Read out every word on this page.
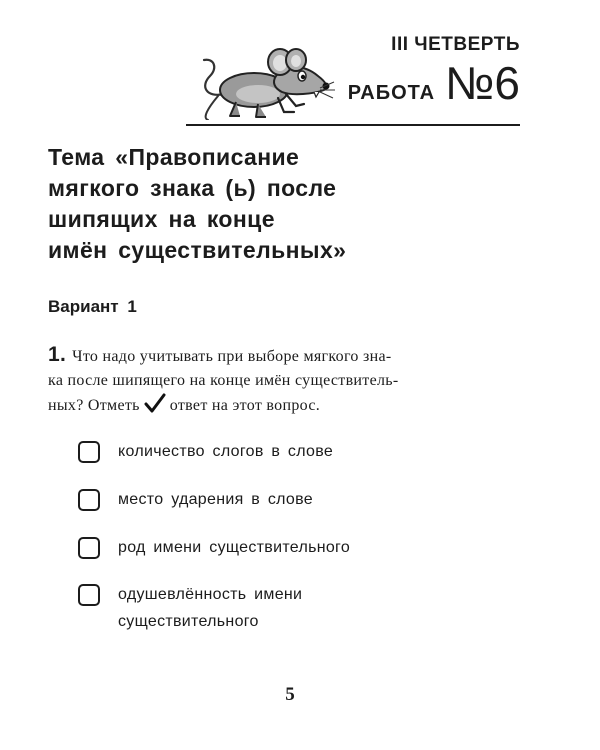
III ЧЕТВЕРТЬ
РАБОТА №6
Тема «Правописание
мягкого знака (ь) после
шипящих на конце
имён существительных»
Вариант 1
1. Что надо учитывать при выборе мягкого зна-
ка после шипящего на конце имён существитель-
ных? Отметь ответ на этот вопрос.
количество слогов в слове
место ударения в слове
род имени существительного
одушевлённость имени
существительного
5
